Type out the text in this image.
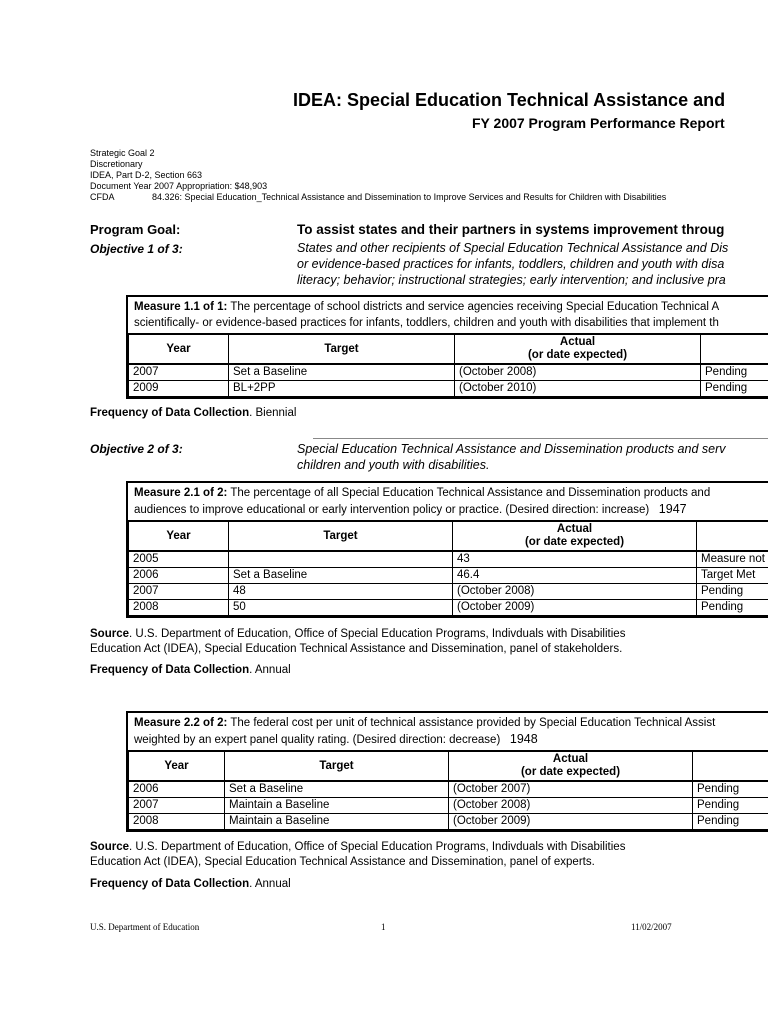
IDEA: Special Education Technical Assistance and
FY 2007 Program Performance Report
Strategic Goal 2
Discretionary
IDEA, Part D-2, Section 663
Document Year 2007 Appropriation: $48,903
CFDA	84.326: Special Education_Technical Assistance and Dissemination to Improve Services and Results for Children with Disabilities
Program Goal:	To assist states and their partners in systems improvement throug
Objective 1 of 3:	States and other recipients of Special Education Technical Assistance and Dis
or evidence-based practices for infants, toddlers, children and youth with disa
literacy; behavior; instructional strategies; early intervention; and inclusive pra
Measure 1.1 of 1: The percentage of school districts and service agencies receiving Special Education Technical A
scientifically- or evidence-based practices for infants, toddlers, children and youth with disabilities that implement th
Year	Target	Actual
(or date expected)	

2007	Set a Baseline	(October 2008)	Pending
2009	BL+2PP	(October 2010)	Pending
Frequency of Data Collection. Biennial
Objective 2 of 3:	Special Education Technical Assistance and Dissemination products and serv
children and youth with disabilities.
Measure 2.1 of 2: The percentage of all Special Education Technical Assistance and Dissemination products and
audiences to improve educational or early intervention policy or practice. (Desired direction: increase) 1947
Year	Target	Actual
(or date expected)	

2005		43	Measure not
2006	Set a Baseline	46.4	Target Met
2007	48	(October 2008)	Pending
2008	50	(October 2009)	Pending
Source. U.S. Department of Education, Office of Special Education Programs, Indivduals with Disabilities
Education Act (IDEA), Special Education Technical Assistance and Dissemination, panel of stakeholders.
Frequency of Data Collection. Annual
Measure 2.2 of 2: The federal cost per unit of technical assistance provided by Special Education Technical Assist
weighted by an expert panel quality rating. (Desired direction: decrease) 1948
Year	Target	Actual
(or date expected)	

2006	Set a Baseline	(October 2007)	Pending
2007	Maintain a Baseline	(October 2008)	Pending
2008	Maintain a Baseline	(October 2009)	Pending
Source. U.S. Department of Education, Office of Special Education Programs, Indivduals with Disabilities
Education Act (IDEA), Special Education Technical Assistance and Dissemination, panel of experts.
Frequency of Data Collection. Annual
U.S. Department of Education	1	11/02/2007
